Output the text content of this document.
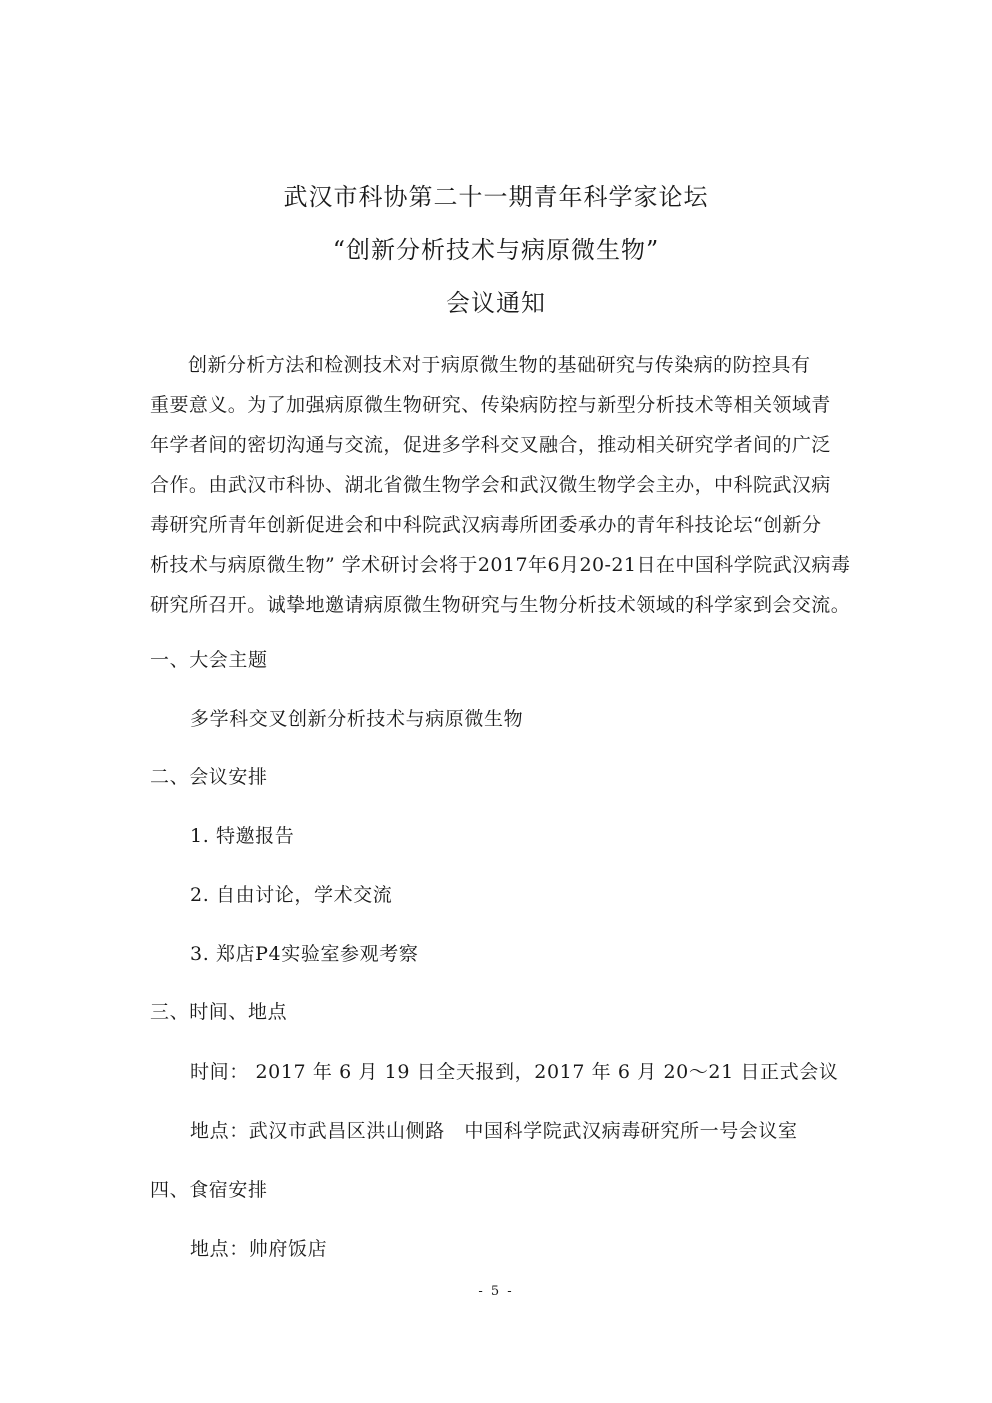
武汉市科协第二十一期青年科学家论坛
“创新分析技术与病原微生物”
会议通知
创新分析方法和检测技术对于病原微生物的基础研究与传染病的防控具有
重要意义。为了加强病原微生物研究、传染病防控与新型分析技术等相关领域青
年学者间的密切沟通与交流，促进多学科交叉融合，推动相关研究学者间的广泛
合作。由武汉市科协、湖北省微生物学会和武汉微生物学会主办，中科院武汉病
毒研究所青年创新促进会和中科院武汉病毒所团委承办的青年科技论坛“创新分
析技术与病原微生物” 学术研讨会将于2017年6月20-21日在中国科学院武汉病毒
研究所召开。诚挚地邀请病原微生物研究与生物分析技术领域的科学家到会交流。
一、大会主题
多学科交叉创新分析技术与病原微生物
二、会议安排
1. 特邀报告
2. 自由讨论，学术交流
3. 郑店P4实验室参观考察
三、时间、地点
时间： 2017 年 6 月 19 日全天报到，2017 年 6 月 20～21 日正式会议
地点：武汉市武昌区洪山侧路　中国科学院武汉病毒研究所一号会议室
四、食宿安排
地点：帅府饭店
- 5 -
